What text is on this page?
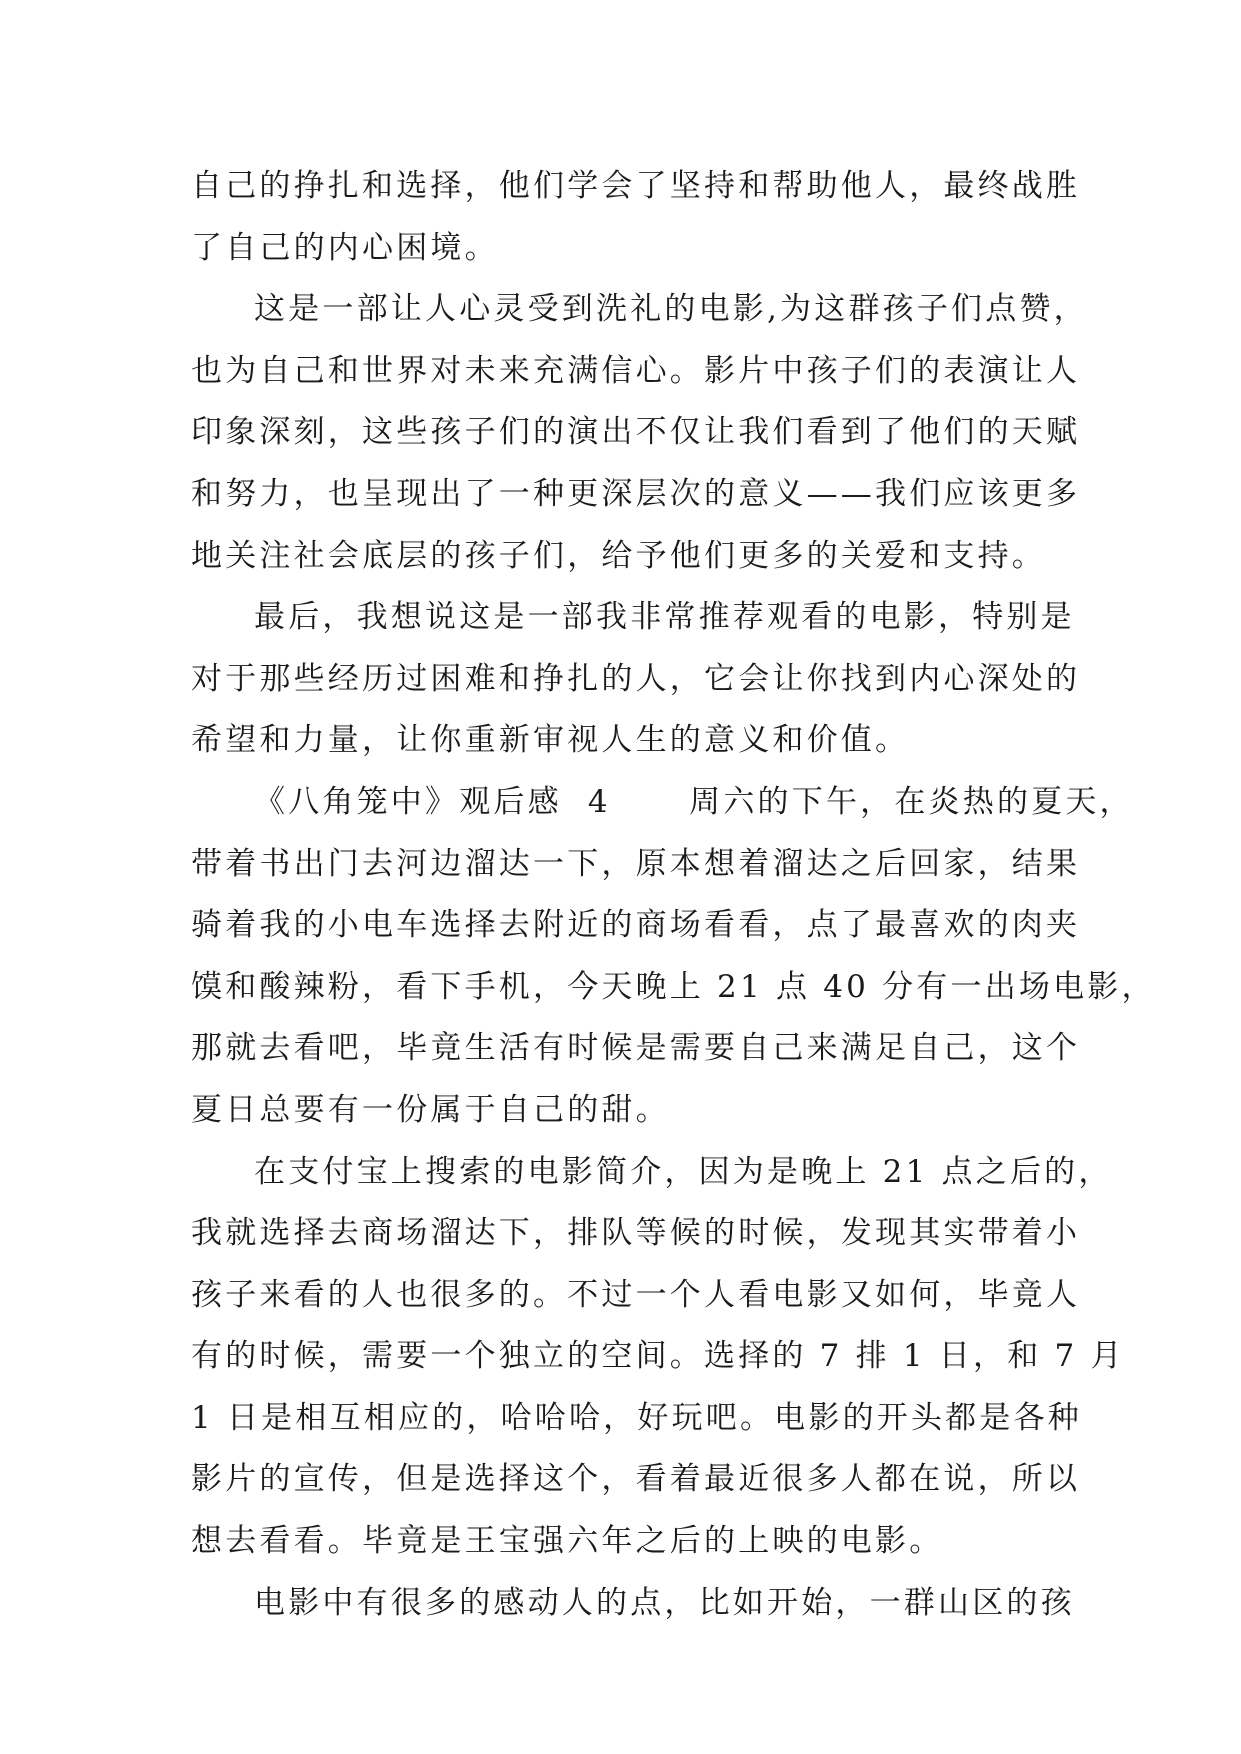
自己的挣扎和选择，他们学会了坚持和帮助他人，最终战胜
了自己的内心困境。
这是一部让人心灵受到洗礼的电影,为这群孩子们点赞，
也为自己和世界对未来充满信心。影片中孩子们的表演让人
印象深刻，这些孩子们的演出不仅让我们看到了他们的天赋
和努力，也呈现出了一种更深层次的意义——我们应该更多
地关注社会底层的孩子们，给予他们更多的关爱和支持。
最后，我想说这是一部我非常推荐观看的电影，特别是
对于那些经历过困难和挣扎的人，它会让你找到内心深处的
希望和力量，让你重新审视人生的意义和价值。
《八角笼中》观后感  4      周六的下午，在炎热的夏天，
带着书出门去河边溜达一下，原本想着溜达之后回家，结果
骑着我的小电车选择去附近的商场看看，点了最喜欢的肉夹
馍和酸辣粉，看下手机，今天晚上 21 点 40 分有一出场电影，
那就去看吧，毕竟生活有时候是需要自己来满足自己，这个
夏日总要有一份属于自己的甜。
在支付宝上搜索的电影简介，因为是晚上 21 点之后的，
我就选择去商场溜达下，排队等候的时候，发现其实带着小
孩子来看的人也很多的。不过一个人看电影又如何，毕竟人
有的时候，需要一个独立的空间。选择的 7 排 1 日，和 7 月
1 日是相互相应的，哈哈哈，好玩吧。电影的开头都是各种
影片的宣传，但是选择这个，看着最近很多人都在说，所以
想去看看。毕竟是王宝强六年之后的上映的电影。
电影中有很多的感动人的点，比如开始，一群山区的孩
